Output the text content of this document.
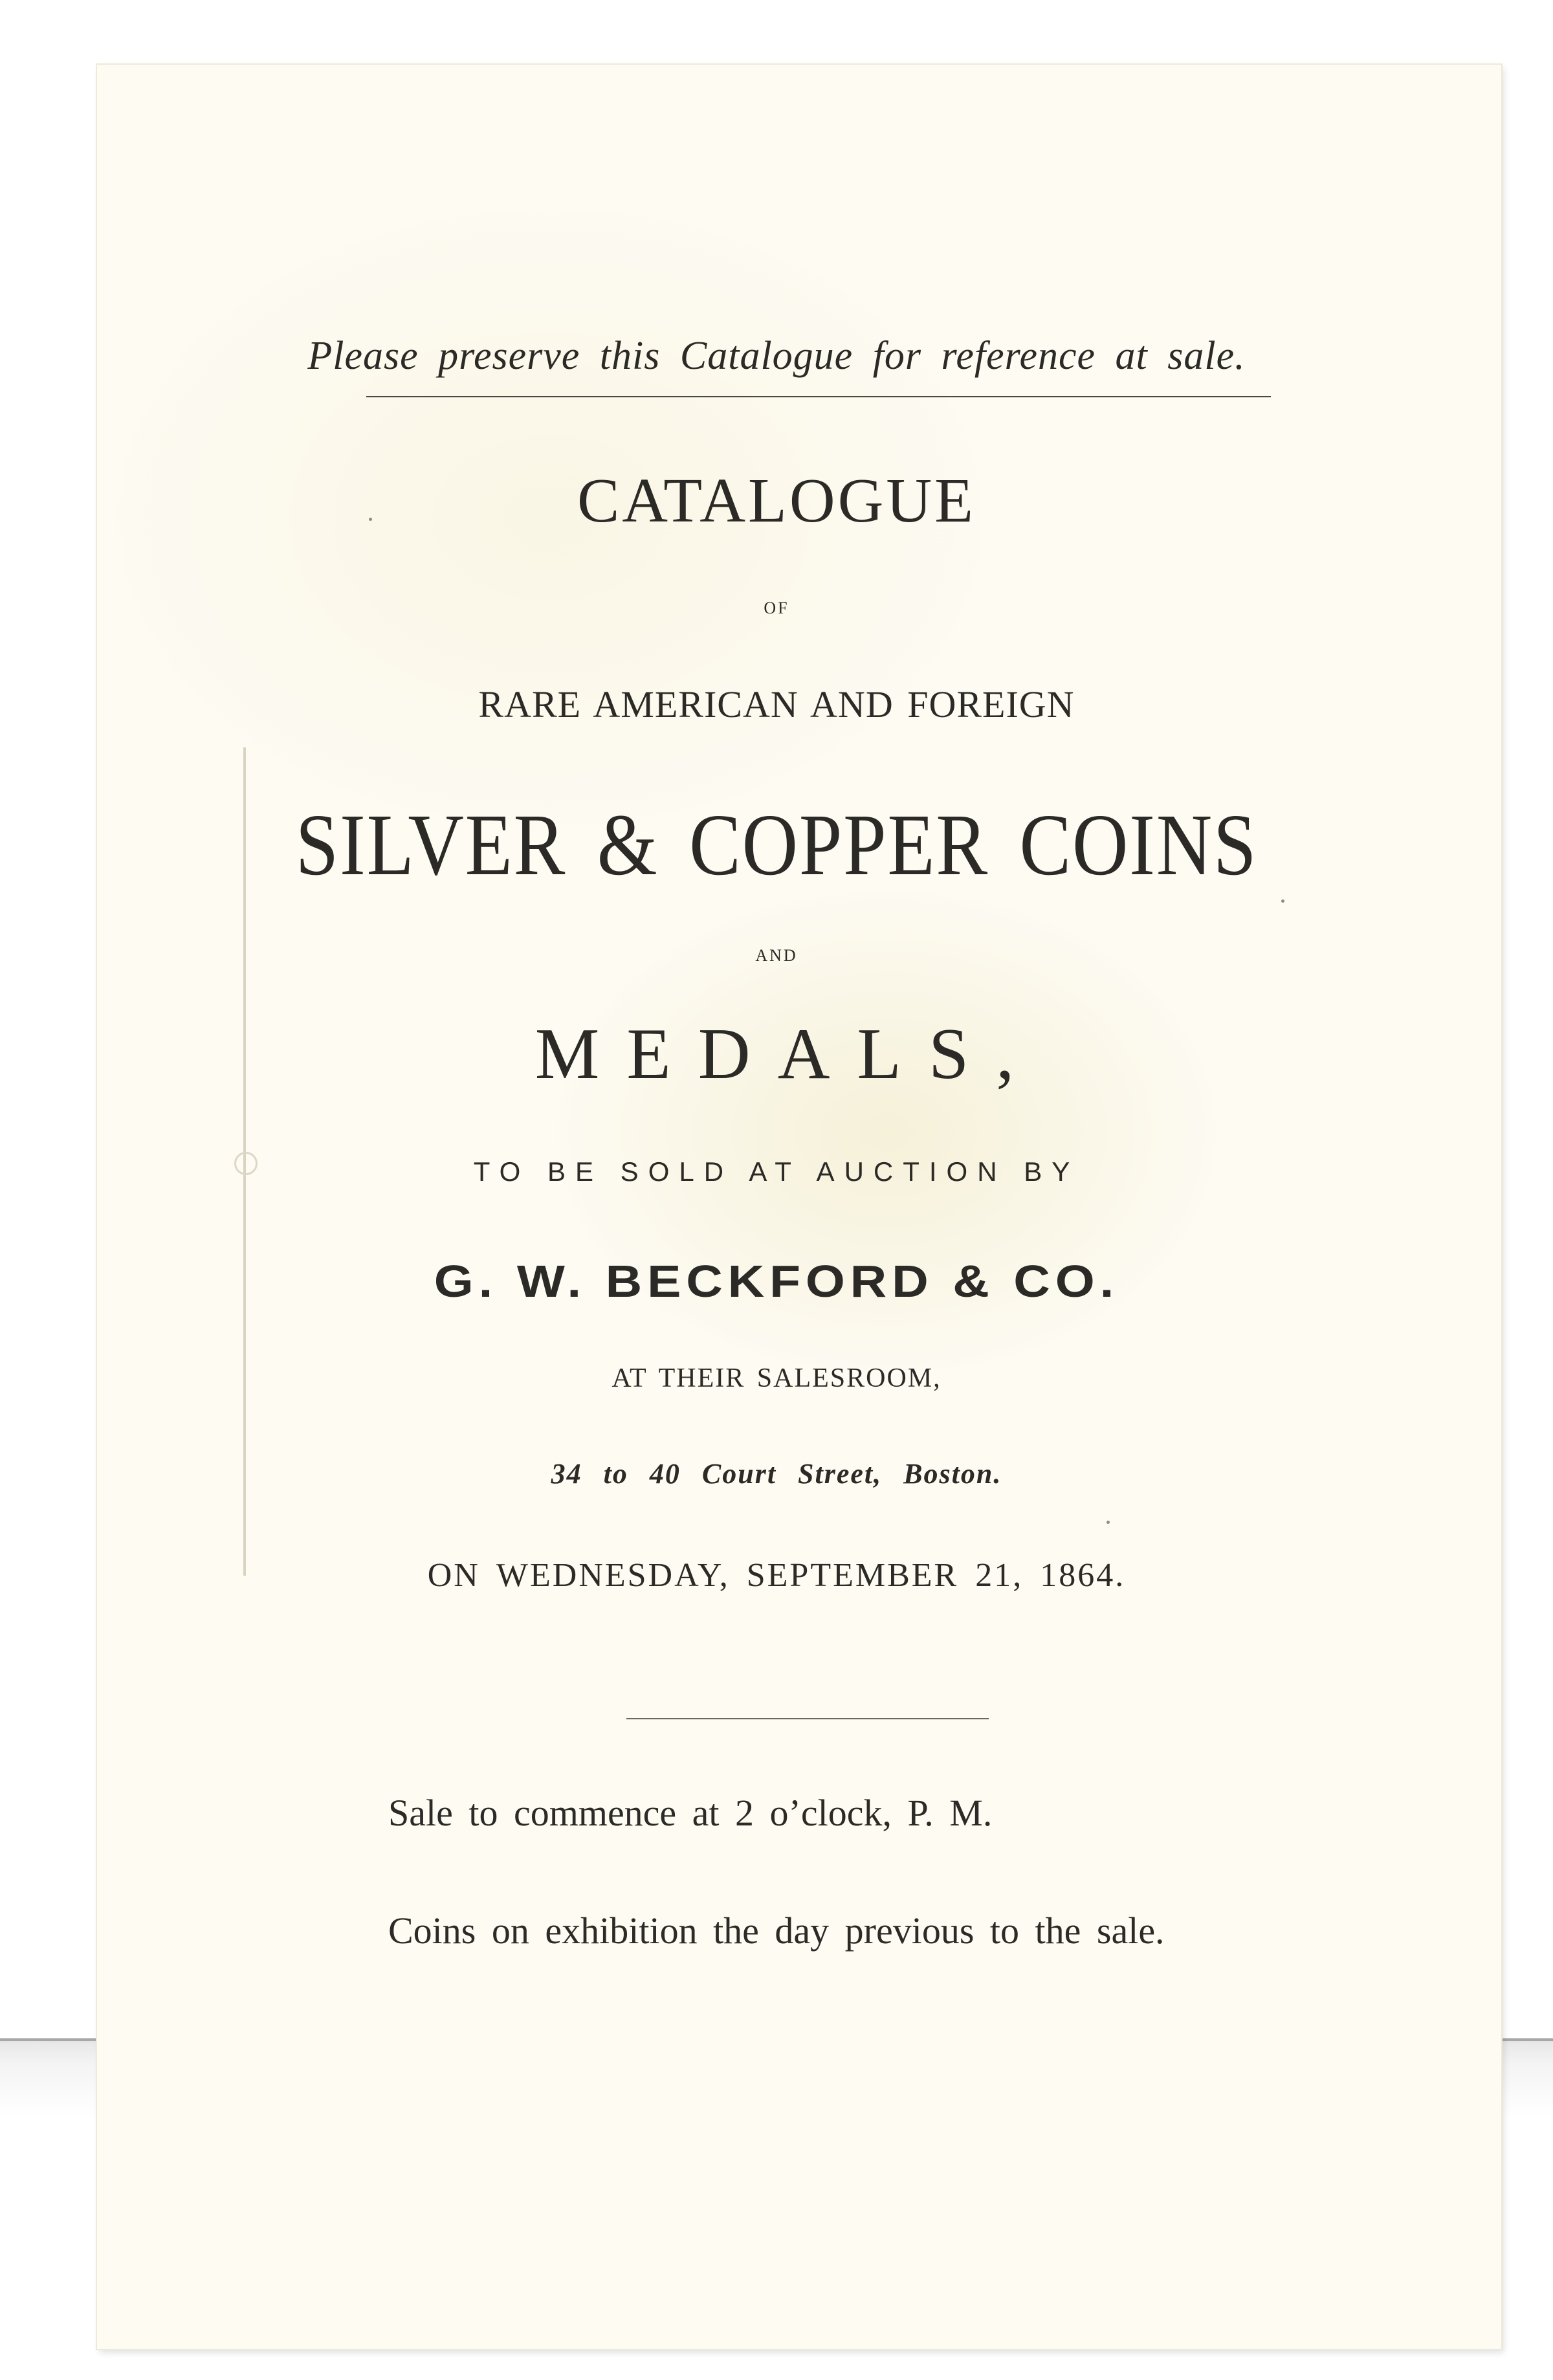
Please preserve this Catalogue for reference at sale.
CATALOGUE
OF
RARE AMERICAN AND FOREIGN
SILVER & COPPER COINS
AND
MEDALS,
TO BE SOLD AT AUCTION BY
G. W. BECKFORD & CO.
AT THEIR SALESROOM,
34 to 40 Court Street, Boston.
ON WEDNESDAY, SEPTEMBER 21, 1864.
Sale to commence at 2 o’clock, P. M.
Coins on exhibition the day previous to the sale.
